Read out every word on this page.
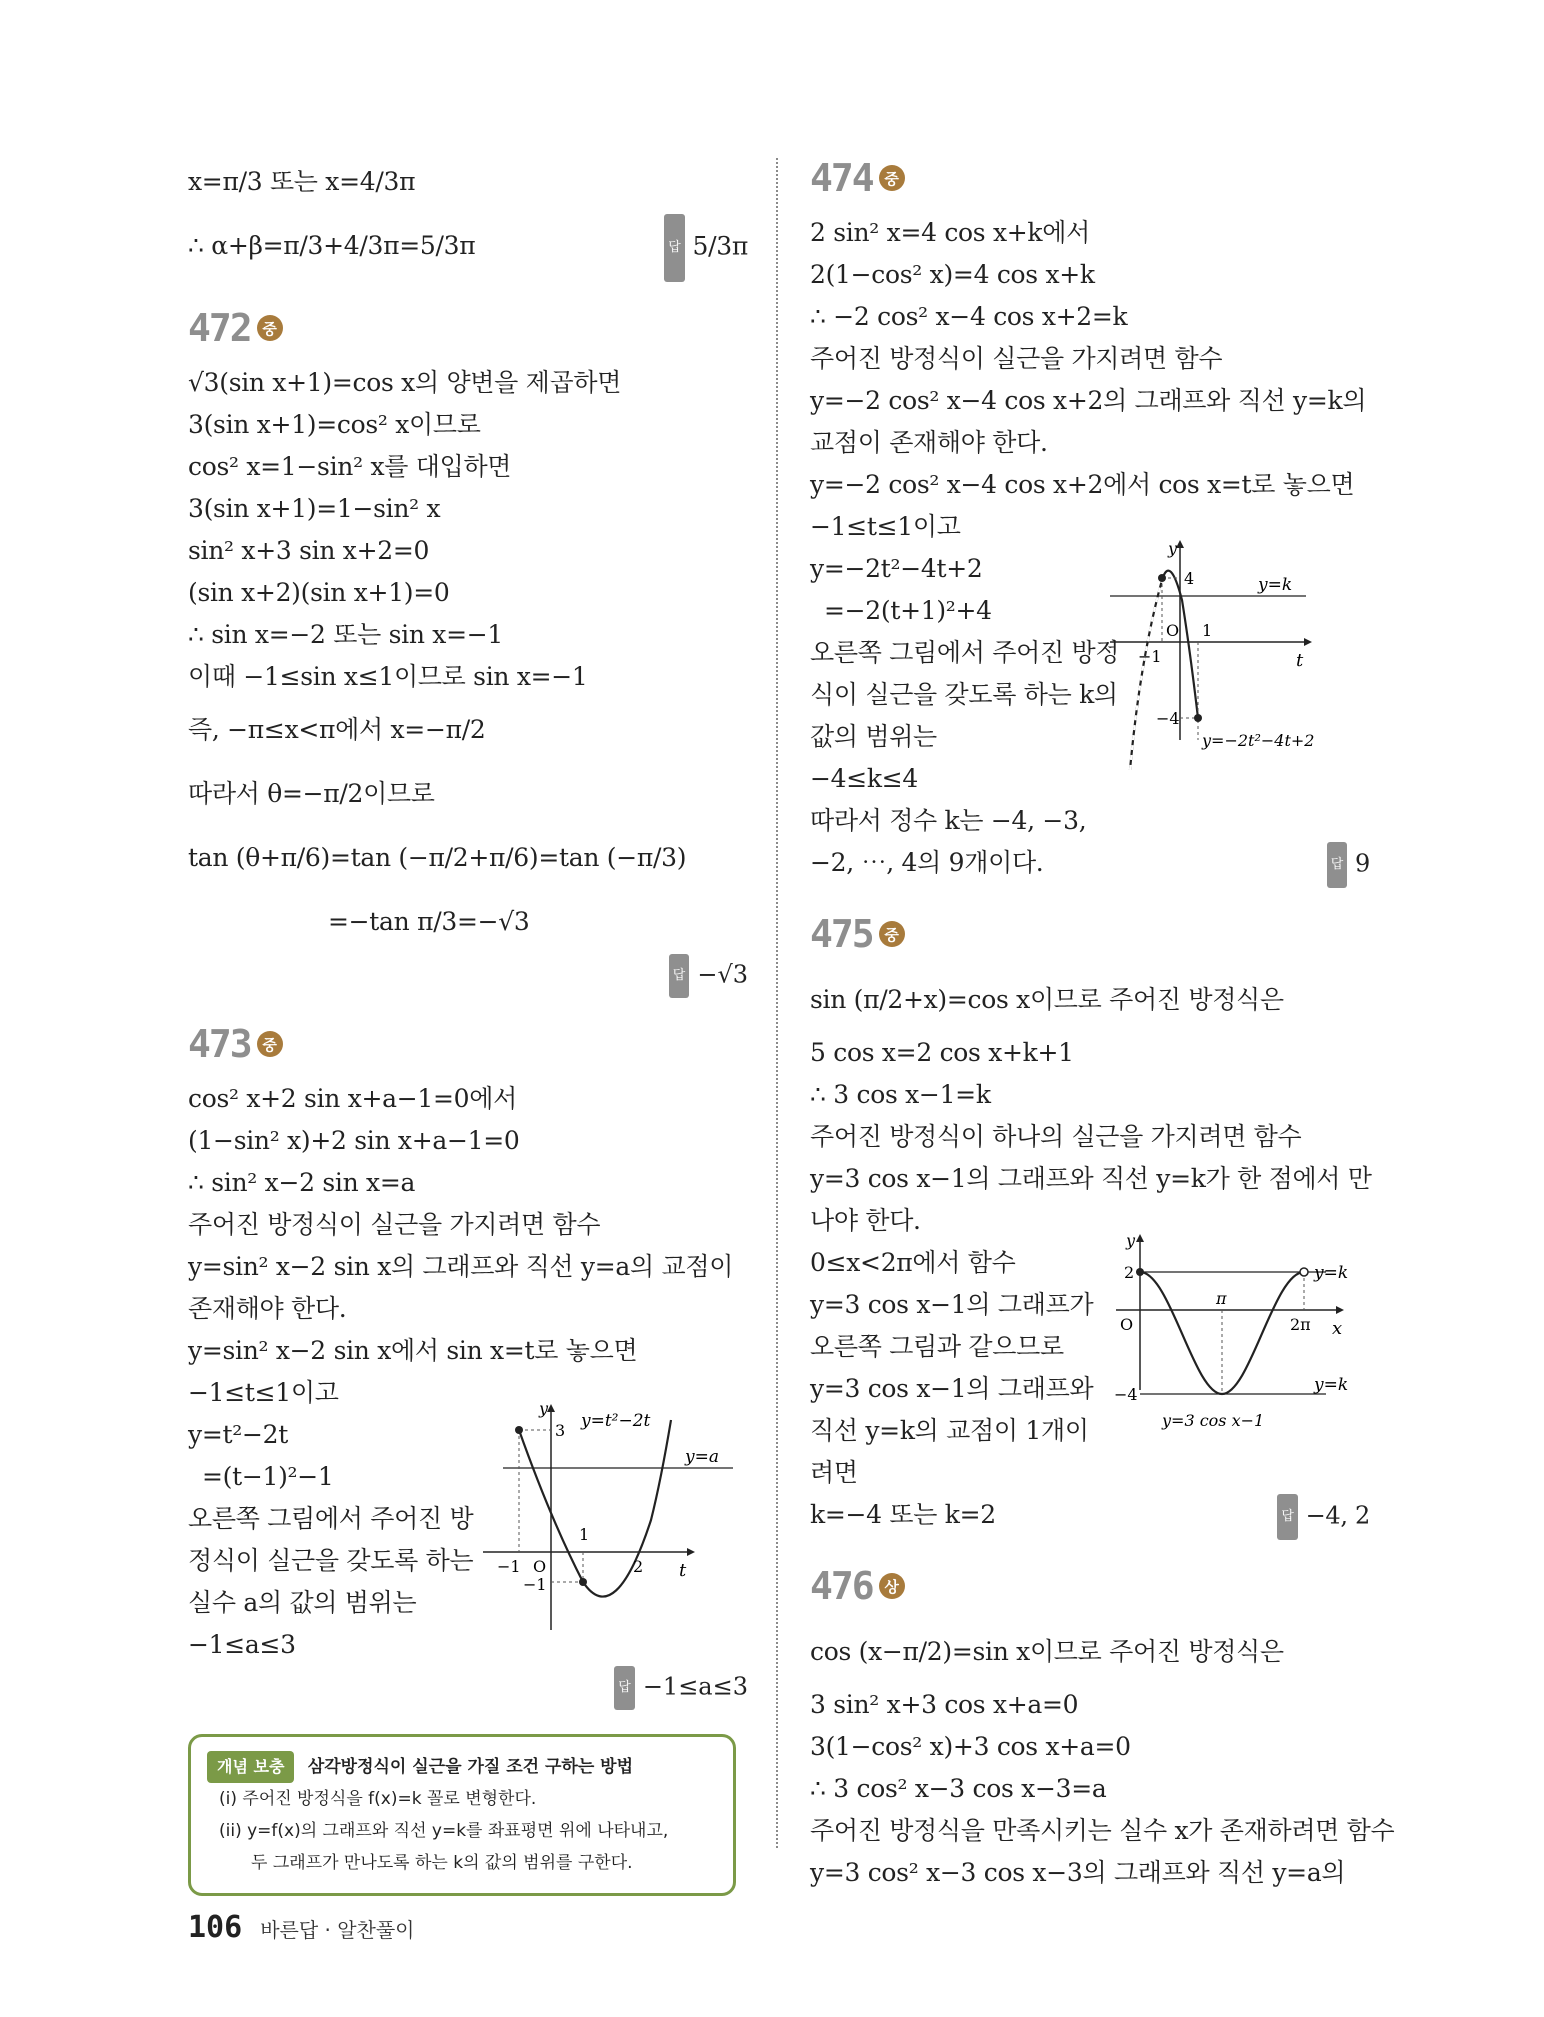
x=π/3 또는 x=4/3π
∴ α+β=π/3+4/3π=5/3π	답 5/3π
472 중
√3(sin x+1)=cos x의 양변을 제곱하면
3(sin x+1)=cos² x이므로
cos² x=1−sin² x를 대입하면
3(sin x+1)=1−sin² x
sin² x+3 sin x+2=0
(sin x+2)(sin x+1)=0
∴ sin x=−2 또는 sin x=−1
이때 −1≤sin x≤1이므로 sin x=−1
즉, −π≤x<π에서 x=−π/2
따라서 θ=−π/2이므로
tan (θ+π/6)=tan (−π/2+π/6)=tan (−π/3)
=−tan π/3=−√3
답 −√3
473 중
cos² x+2 sin x+a−1=0에서
(1−sin² x)+2 sin x+a−1=0
∴ sin² x−2 sin x=a
주어진 방정식이 실근을 가지려면 함수
y=sin² x−2 sin x의 그래프와 직선 y=a의 교점이
존재해야 한다.
y=sin² x−2 sin x에서 sin x=t로 놓으면
−1≤t≤1이고
y=t²−2t
=(t−1)²−1
오른쪽 그림에서 주어진 방
정식이 실근을 갖도록 하는
실수 a의 값의 범위는
−1≤a≤3
y
t
y=t²−2t
y=a
3
−1
−1 O
1
2
답 −1≤a≤3
개념 보충 삼각방정식이 실근을 가질 조건 구하는 방법
(i) 주어진 방정식을 f(x)=k 꼴로 변형한다.
(ii) y=f(x)의 그래프와 직선 y=k를 좌표평면 위에 나타내고,
두 그래프가 만나도록 하는 k의 값의 범위를 구한다.
474 중
2 sin² x=4 cos x+k에서
2(1−cos² x)=4 cos x+k
∴ −2 cos² x−4 cos x+2=k
주어진 방정식이 실근을 가지려면 함수
y=−2 cos² x−4 cos x+2의 그래프와 직선 y=k의
교점이 존재해야 한다.
y=−2 cos² x−4 cos x+2에서 cos x=t로 놓으면
−1≤t≤1이고
y=−2t²−4t+2
=−2(t+1)²+4
오른쪽 그림에서 주어진 방정
식이 실근을 갖도록 하는 k의
값의 범위는
−4≤k≤4
따라서 정수 k는 −4, −3,
−2, ⋯, 4의 9개이다.	답 9
y
t
y=k
y=−2t²−4t+2
4
−4
−1
O 1
475 중
sin (π/2+x)=cos x이므로 주어진 방정식은
5 cos x=2 cos x+k+1
∴ 3 cos x−1=k
주어진 방정식이 하나의 실근을 가지려면 함수
y=3 cos x−1의 그래프와 직선 y=k가 한 점에서 만
나야 한다.
0≤x<2π에서 함수
y=3 cos x−1의 그래프가
오른쪽 그림과 같으므로
y=3 cos x−1의 그래프와
직선 y=k의 교점이 1개이
려면
k=−4 또는 k=2	답 −4, 2
y
x
y=k
y=k
2
−4
O
π
2π
y=3 cos x−1
476 상
cos (x−π/2)=sin x이므로 주어진 방정식은
3 sin² x+3 cos x+a=0
3(1−cos² x)+3 cos x+a=0
∴ 3 cos² x−3 cos x−3=a
주어진 방정식을 만족시키는 실수 x가 존재하려면 함수
y=3 cos² x−3 cos x−3의 그래프와 직선 y=a의
106 바른답 · 알찬풀이
